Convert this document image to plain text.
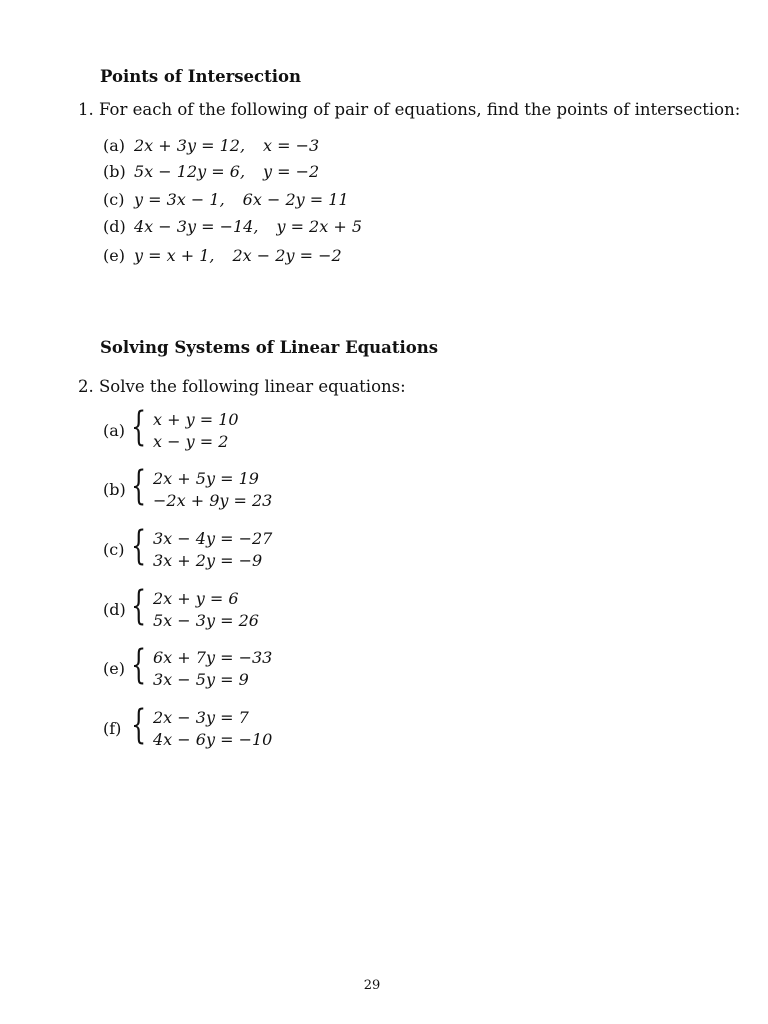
Points of Intersection
1. For each of the following of pair of equations, find the points of intersection:
(a) 2x + 3y = 12, x = −3
(b) 5x − 12y = 6, y = −2
(c) y = 3x − 1, 6x − 2y = 11
(d) 4x − 3y = −14, y = 2x + 5
(e) y = x + 1, 2x − 2y = −2
Solving Systems of Linear Equations
2. Solve the following linear equations:
(a) { x + y = 10
x − y = 2
(b) { 2x + 5y = 19
−2x + 9y = 23
(c) { 3x − 4y = −27
3x + 2y = −9
(d) { 2x + y = 6
5x − 3y = 26
(e) { 6x + 7y = −33
3x − 5y = 9
(f) { 2x − 3y = 7
4x − 6y = −10
29
